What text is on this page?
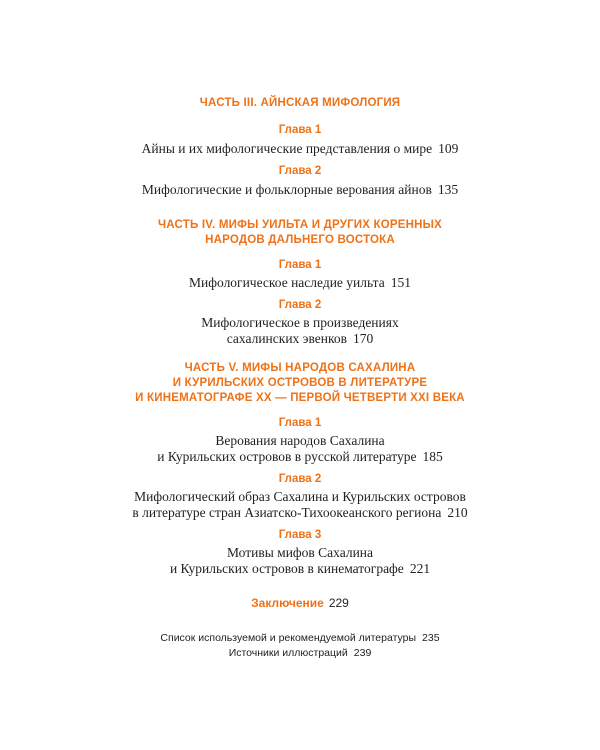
ЧАСТЬ III. АЙНСКАЯ МИФОЛОГИЯ
Глава 1
Айны и их мифологические представления о мире 109
Глава 2
Мифологические и фольклорные верования айнов 135
ЧАСТЬ IV. МИФЫ УИЛЬТА И ДРУГИХ КОРЕННЫХ
НАРОДОВ ДАЛЬНЕГО ВОСТОКА
Глава 1
Мифологическое наследие уильта 151
Глава 2
Мифологическое в произведениях
сахалинских эвенков 170
ЧАСТЬ V. МИФЫ НАРОДОВ САХАЛИНА
И КУРИЛЬСКИХ ОСТРОВОВ В ЛИТЕРАТУРЕ
И КИНЕМАТОГРАФЕ XX — ПЕРВОЙ ЧЕТВЕРТИ XXI ВЕКА
Глава 1
Верования народов Сахалина
и Курильских островов в русской литературе 185
Глава 2
Мифологический образ Сахалина и Курильских островов
в литературе стран Азиатско-Тихоокеанского региона 210
Глава 3
Мотивы мифов Сахалина
и Курильских островов в кинематографе 221
Заключение 229
Список используемой и рекомендуемой литературы 235
Источники иллюстраций 239
